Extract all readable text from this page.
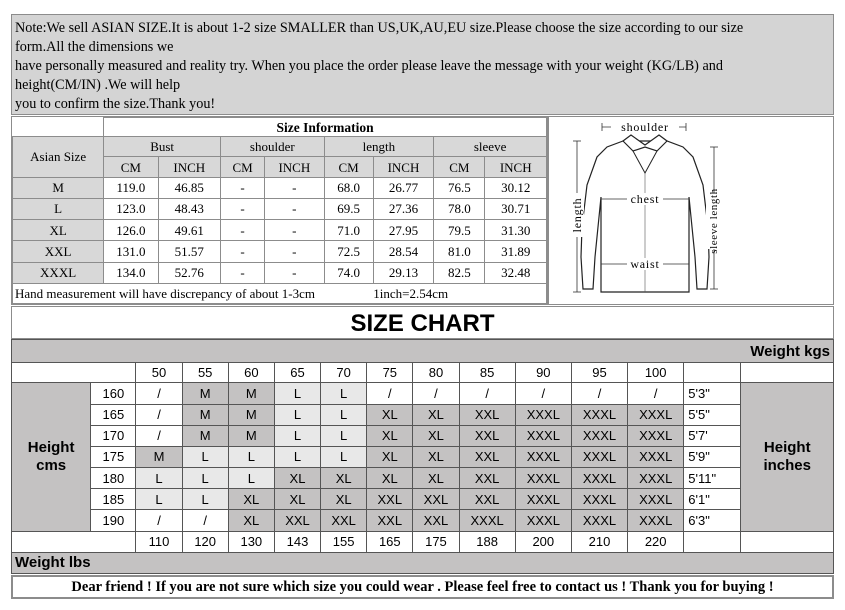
Note:We sell ASIAN SIZE.It is about 1-2 size SMALLER than US,UK,AU,EU size.Please choose the size according to our size
form.All the dimensions we
have personally measured and reality try. When you place the order please leave the message with your weight (KG/LB) and
height(CM/IN) .We will help
you to confirm the size.Thank you!
	Size Information							
Asian Size	Bust		shoulder		length		sleeve	
	CM	INCH	CM	INCH	CM	INCH	CM	INCH
M	119.0	46.85	-	-	68.0	26.77	76.5	30.12
L	123.0	48.43	-	-	69.5	27.36	78.0	30.71
XL	126.0	49.61	-	-	71.0	27.95	79.5	31.30
XXL	131.0	51.57	-	-	72.5	28.54	81.0	31.89
XXXL	134.0	52.76	-	-	74.0	29.13	82.5	32.48
Hand measurement will have discrepancy of about 1-3cm						1inch=2.54cm		
shoulder
chest
waist
length	sleeve length
SIZE CHART
Weight kgs														
		50	55	60	65	70	75	80	85	90	95	100		
Height cms	160	/	M	M	L	L	/	/	/	/	/	/	5'3"	Height inches
	165	/	M	M	L	L	XL	XL	XXL	XXXL	XXXL	XXXL	5'5"	
	170	/	M	M	L	L	XL	XL	XXL	XXXL	XXXL	XXXL	5'7'	
	175	M	L	L	L	L	XL	XL	XXL	XXXL	XXXL	XXXL	5'9"	
	180	L	L	L	XL	XL	XL	XL	XXL	XXXL	XXXL	XXXL	5'11"	
	185	L	L	XL	XL	XL	XXL	XXL	XXL	XXXL	XXXL	XXXL	6'1"	
	190	/	/	XL	XXL	XXL	XXL	XXL	XXXL	XXXL	XXXL	XXXL	6'3"	
		110	120	130	143	155	165	175	188	200	210	220		
Weight lbs														
Dear friend ! If you are not sure which size you could wear . Please feel free to contact us ! Thank you for buying !
